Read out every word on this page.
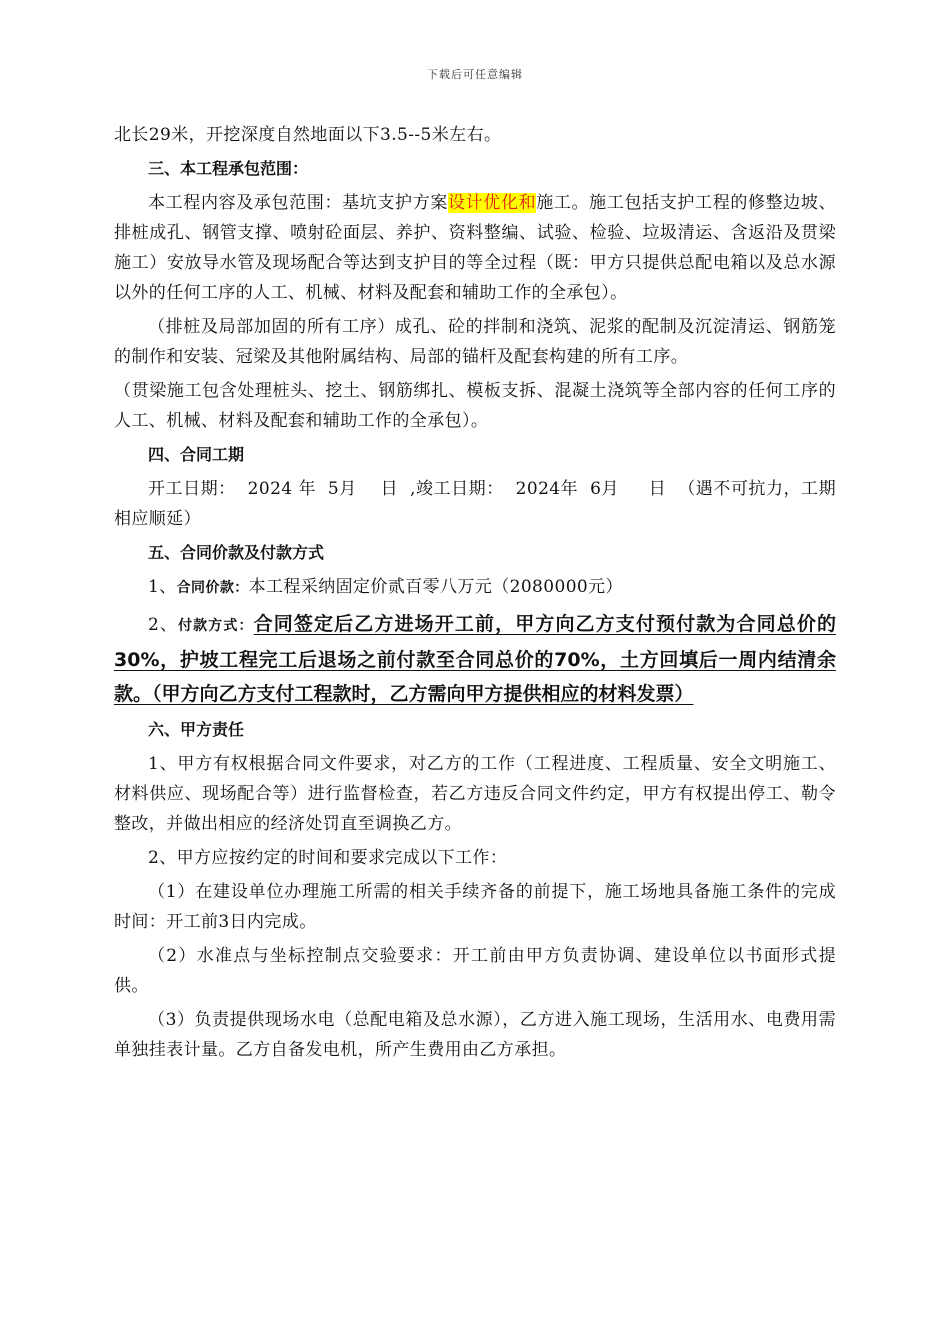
下载后可任意编辑

北长29米，开挖深度自然地面以下3.5--5米左右。

三、本工程承包范围：

本工程内容及承包范围：基坑支护方案设计优化和施工。施工包括支护工程的修整边坡、排桩成孔、钢管支撑、喷射砼面层、养护、资料整编、试验、检验、垃圾清运、含返沿及贯梁施工）安放导水管及现场配合等达到支护目的等全过程（既：甲方只提供总配电箱以及总水源以外的任何工序的人工、机械、材料及配套和辅助工作的全承包）。

（排桩及局部加固的所有工序）成孔、砼的拌制和浇筑、泥浆的配制及沉淀清运、钢筋笼的制作和安装、冠梁及其他附属结构、局部的锚杆及配套构建的所有工序。

（贯梁施工包含处理桩头、挖土、钢筋绑扎、模板支拆、混凝土浇筑等全部内容的任何工序的人工、机械、材料及配套和辅助工作的全承包）。

四、合同工期

开工日期：  2024 年  5月    日  ,竣工日期：  2024年  6月     日  （遇不可抗力，工期相应顺延）

五、合同价款及付款方式

1、合同价款：本工程采纳固定价贰百零八万元（2080000元）

2、付款方式：合同签定后乙方进场开工前，甲方向乙方支付预付款为合同总价的30%，护坡工程完工后退场之前付款至合同总价的70%，土方回填后一周内结清余款。（甲方向乙方支付工程款时，乙方需向甲方提供相应的材料发票）

六、甲方责任

1、甲方有权根据合同文件要求，对乙方的工作（工程进度、工程质量、安全文明施工、材料供应、现场配合等）进行监督检查，若乙方违反合同文件约定，甲方有权提出停工、勒令整改，并做出相应的经济处罚直至调换乙方。

2、甲方应按约定的时间和要求完成以下工作：

（1）在建设单位办理施工所需的相关手续齐备的前提下，施工场地具备施工条件的完成时间：开工前3日内完成。

（2）水准点与坐标控制点交验要求：开工前由甲方负责协调、建设单位以书面形式提供。

（3）负责提供现场水电（总配电箱及总水源），乙方进入施工现场，生活用水、电费用需单独挂表计量。乙方自备发电机，所产生费用由乙方承担。
